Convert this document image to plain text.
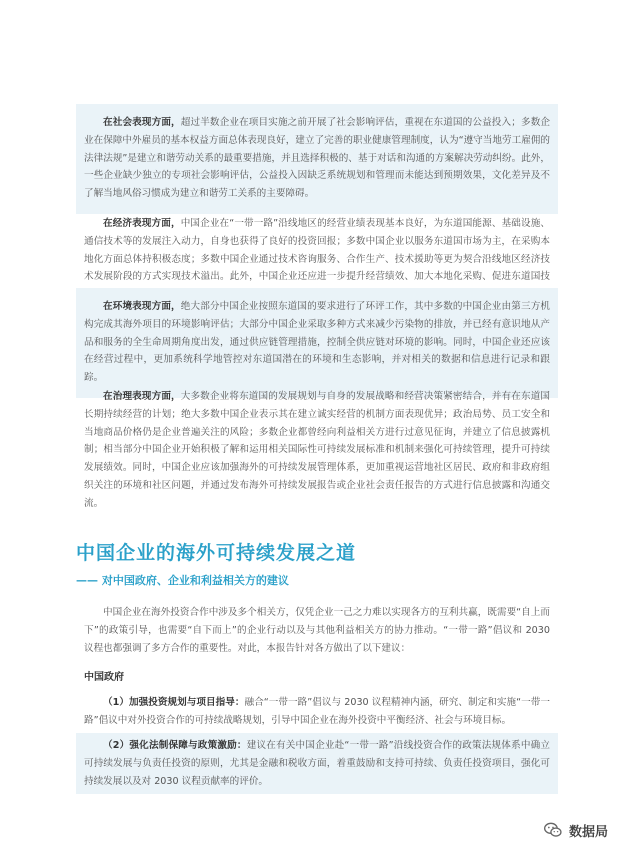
在社会表现方面，超过半数企业在项目实施之前开展了社会影响评估，重视在东道国的公益投入；多数企业在保障中外雇员的基本权益方面总体表现良好，建立了完善的职业健康管理制度，认为“遵守当地劳工雇佣的法律法规”是建立和谐劳动关系的最重要措施，并且选择积极的、基于对话和沟通的方案解决劳动纠纷。此外，一些企业缺少独立的专项社会影响评估，公益投入因缺乏系统规划和管理而未能达到预期效果，文化差异及不了解当地风俗习惯成为建立和谐劳工关系的主要障碍。

在经济表现方面，中国企业在“一带一路”沿线地区的经营业绩表现基本良好，为东道国能源、基础设施、通信技术等的发展注入动力，自身也获得了良好的投资回报；多数中国企业以服务东道国市场为主，在采购本地化方面总体持积极态度；多数中国企业通过技术咨询服务、合作生产、技术援助等更为契合沿线地区经济技术发展阶段的方式实现技术溢出。此外，中国企业还应进一步提升经营绩效、加大本地化采购、促进东道国技

在环境表现方面，绝大部分中国企业按照东道国的要求进行了环评工作，其中多数的中国企业由第三方机构完成其海外项目的环境影响评估；大部分中国企业采取多种方式来减少污染物的排放，并已经有意识地从产品和服务的全生命周期角度出发，通过供应链管理措施，控制全供应链对环境的影响。同时，中国企业还应该在经营过程中，更加系统科学地管控对东道国潜在的环境和生态影响，并对相关的数据和信息进行记录和跟踪。

在治理表现方面，大多数企业将东道国的发展规划与自身的发展战略和经营决策紧密结合，并有在东道国长期持续经营的计划；绝大多数中国企业表示其在建立诚实经营的机制方面表现优异；政治局势、员工安全和当地商品价格仍是企业普遍关注的风险；多数企业都曾经向利益相关方进行过意见征询，并建立了信息披露机制；相当部分中国企业开始积极了解和运用相关国际性可持续发展标准和机制来强化可持续管理，提升可持续发展绩效。同时，中国企业应该加强海外的可持续发展管理体系，更加重视运营地社区居民、政府和非政府组织关注的环境和社区问题，并通过发布海外可持续发展报告或企业社会责任报告的方式进行信息披露和沟通交流。

中国企业的海外可持续发展之道
—— 对中国政府、企业和利益相关方的建议

中国企业在海外投资合作中涉及多个相关方，仅凭企业一己之力难以实现各方的互利共赢，既需要“自上而下”的政策引导，也需要“自下而上”的企业行动以及与其他利益相关方的协力推动。“一带一路”倡议和 2030 议程也都强调了多方合作的重要性。对此，本报告针对各方做出了以下建议：

中国政府

（1）加强投资规划与项目指导：融合“一带一路”倡议与 2030 议程精神内涵，研究、制定和实施“一带一路”倡议中对外投资合作的可持续战略规划，引导中国企业在海外投资中平衡经济、社会与环境目标。

（2）强化法制保障与政策激励：建议在有关中国企业赴“一带一路”沿线投资合作的政策法规体系中确立可持续发展与负责任投资的原则，尤其是金融和税收方面，着重鼓励和支持可持续、负责任投资项目，强化可持续发展以及对 2030 议程贡献率的评价。

数据局
